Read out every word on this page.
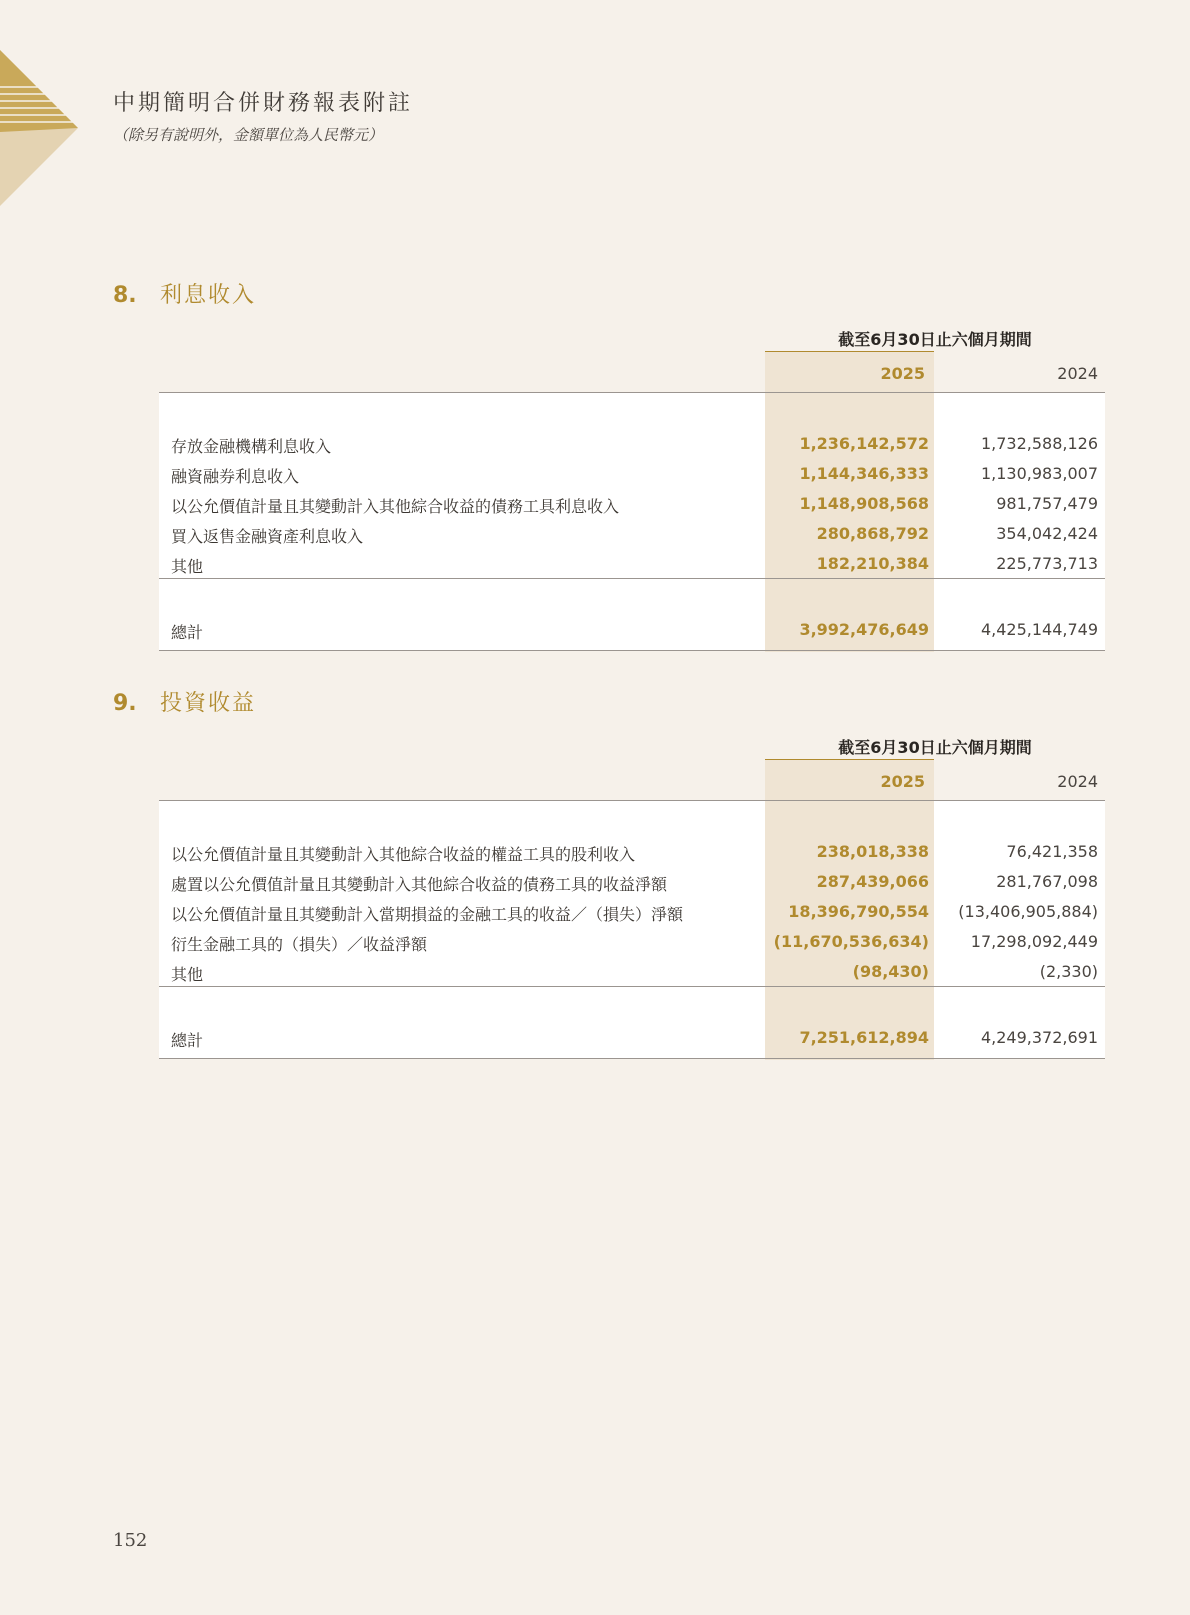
中期簡明合併財務報表附註
（除另有說明外，金額單位為人民幣元）
8. 利息收入
截至6月30日止六個月期間
2025	2024
存放金融機構利息收入	1,236,142,572	1,732,588,126
融資融券利息收入	1,144,346,333	1,130,983,007
以公允價值計量且其變動計入其他綜合收益的債務工具利息收入	1,148,908,568	981,757,479
買入返售金融資產利息收入	280,868,792	354,042,424
其他	182,210,384	225,773,713
總計	3,992,476,649	4,425,144,749
9. 投資收益
截至6月30日止六個月期間
2025	2024
以公允價值計量且其變動計入其他綜合收益的權益工具的股利收入	238,018,338	76,421,358
處置以公允價值計量且其變動計入其他綜合收益的債務工具的收益淨額	287,439,066	281,767,098
以公允價值計量且其變動計入當期損益的金融工具的收益／（損失）淨額	18,396,790,554	(13,406,905,884)
衍生金融工具的（損失）／收益淨額	(11,670,536,634)	17,298,092,449
其他	(98,430)	(2,330)
總計	7,251,612,894	4,249,372,691
152
